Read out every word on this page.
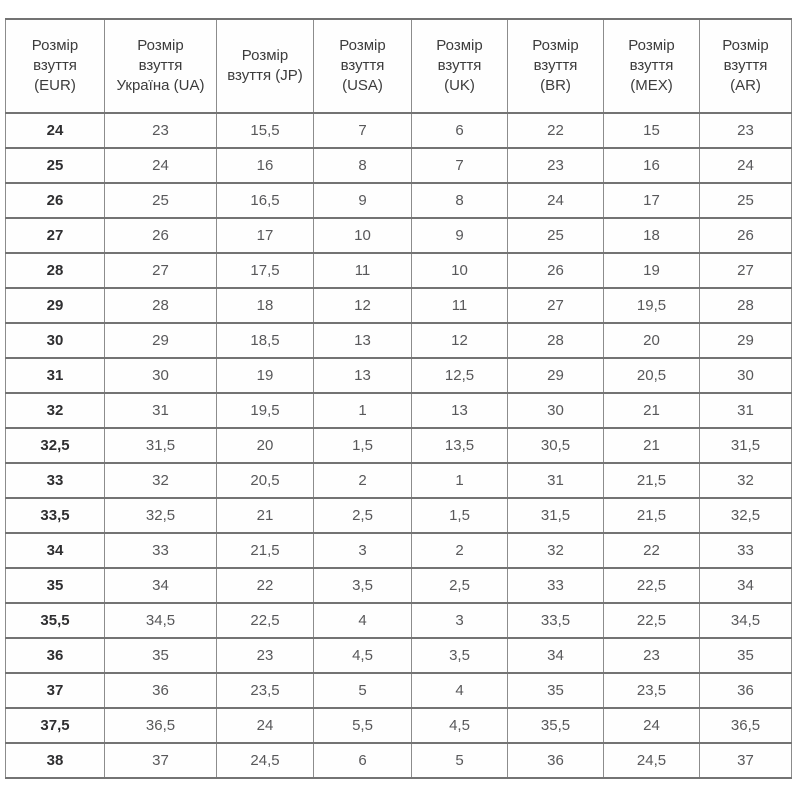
Розмір взуття (EUR)	Розмір взуття Україна (UA)	Розмір взуття (JP)	Розмір взуття (USA)	Розмір взуття (UK)	Розмір взуття (BR)	Розмір взуття (MEX)	Розмір взуття (AR)
24	23	15,5	7	6	22	15	23
25	24	16	8	7	23	16	24
26	25	16,5	9	8	24	17	25
27	26	17	10	9	25	18	26
28	27	17,5	11	10	26	19	27
29	28	18	12	11	27	19,5	28
30	29	18,5	13	12	28	20	29
31	30	19	13	12,5	29	20,5	30
32	31	19,5	1	13	30	21	31
32,5	31,5	20	1,5	13,5	30,5	21	31,5
33	32	20,5	2	1	31	21,5	32
33,5	32,5	21	2,5	1,5	31,5	21,5	32,5
34	33	21,5	3	2	32	22	33
35	34	22	3,5	2,5	33	22,5	34
35,5	34,5	22,5	4	3	33,5	22,5	34,5
36	35	23	4,5	3,5	34	23	35
37	36	23,5	5	4	35	23,5	36
37,5	36,5	24	5,5	4,5	35,5	24	36,5
38	37	24,5	6	5	36	24,5	37
